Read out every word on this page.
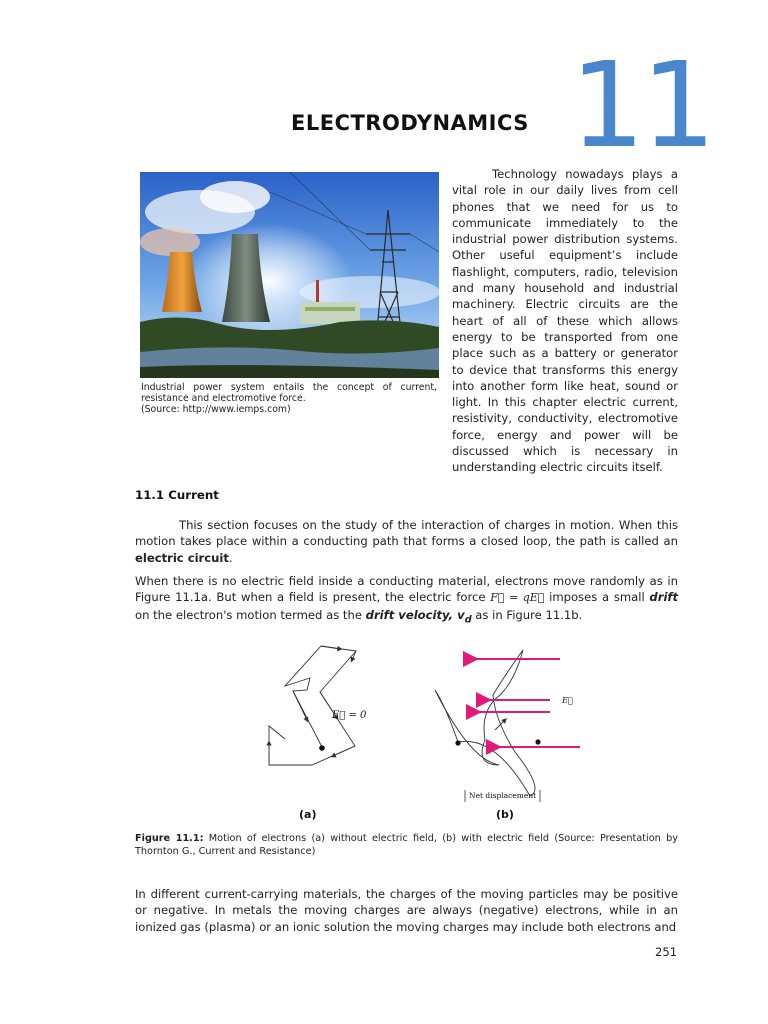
ELECTRODYNAMICS 11
Industrial power system entails the concept of current, resistance and electromotive force.
(Source: http://www.iemps.com)
Technology nowadays plays a vital role in our daily lives from cell phones that we need for us to communicate immediately to the industrial power distribution systems. Other useful equipment’s include flashlight, computers, radio, television and many household and industrial machinery. Electric circuits are the heart of all of these which allows energy to be transported from one place such as a battery or generator to device that transforms this energy into another form like heat, sound or light. In this chapter electric current, resistivity, conductivity, electromotive force, energy and power will be discussed which is necessary in understanding electric circuits itself.
11.1 Current
This section focuses on the study of the interaction of charges in motion. When this motion takes place within a conducting path that forms a closed loop, the path is called an electric circuit.
When there is no electric field inside a conducting material, electrons move randomly as in Figure 11.1a. But when a field is present, the electric force F⃗ = qE⃗ imposes a small drift on the electron's motion termed as the drift velocity, $v_d$ as in Figure 11.1b.
E⃗ = 0
E⃗
Net displacement
(a)	(b)
Figure 11.1: Motion of electrons (a) without electric field, (b) with electric field (Source: Presentation by Thornton G., Current and Resistance)
In different current-carrying materials, the charges of the moving particles may be positive or negative. In metals the moving charges are always (negative) electrons, while in an ionized gas (plasma) or an ionic solution the moving charges may include both electrons and
251
